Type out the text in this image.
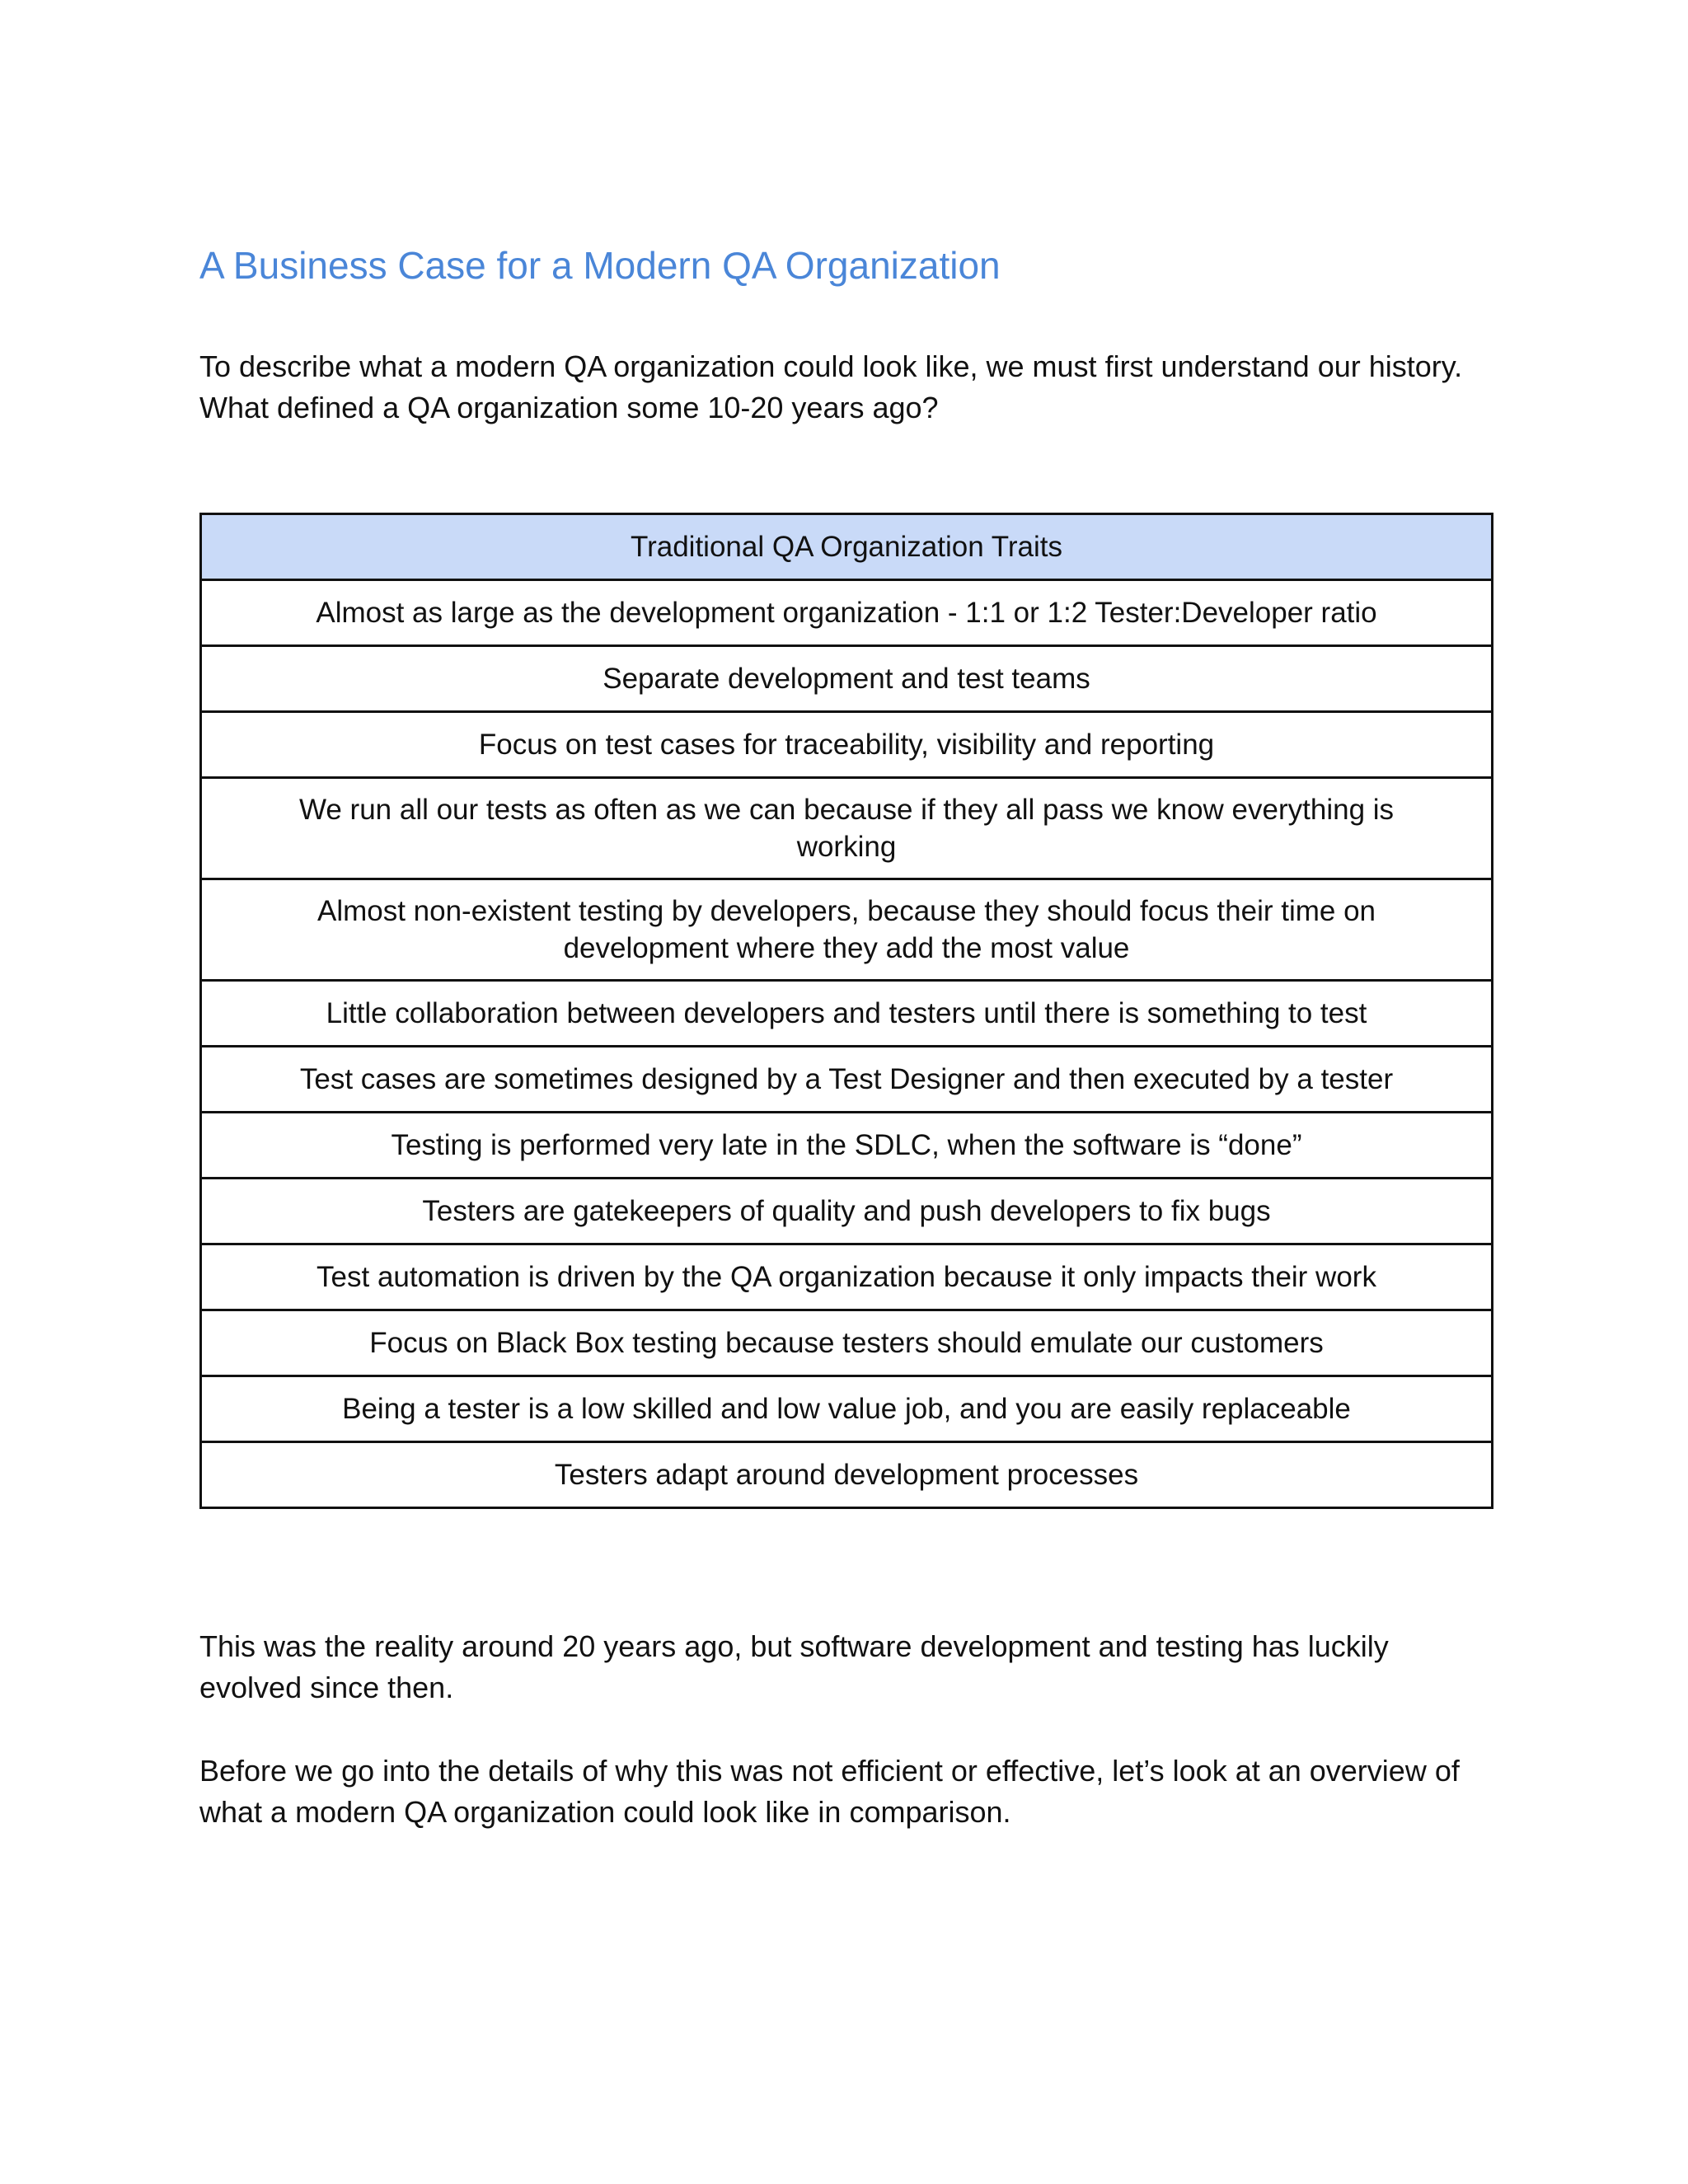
A Business Case for a Modern QA Organization

To describe what a modern QA organization could look like, we must first understand our history. What defined a QA organization some 10-20 years ago?

Traditional QA Organization Traits
Almost as large as the development organization - 1:1 or 1:2 Tester:Developer ratio
Separate development and test teams
Focus on test cases for traceability, visibility and reporting
We run all our tests as often as we can because if they all pass we know everything is working
Almost non-existent testing by developers, because they should focus their time on development where they add the most value
Little collaboration between developers and testers until there is something to test
Test cases are sometimes designed by a Test Designer and then executed by a tester
Testing is performed very late in the SDLC, when the software is “done”
Testers are gatekeepers of quality and push developers to fix bugs
Test automation is driven by the QA organization because it only impacts their work
Focus on Black Box testing because testers should emulate our customers
Being a tester is a low skilled and low value job, and you are easily replaceable
Testers adapt around development processes

This was the reality around 20 years ago, but software development and testing has luckily evolved since then.

Before we go into the details of why this was not efficient or effective, let’s look at an overview of what a modern QA organization could look like in comparison.
